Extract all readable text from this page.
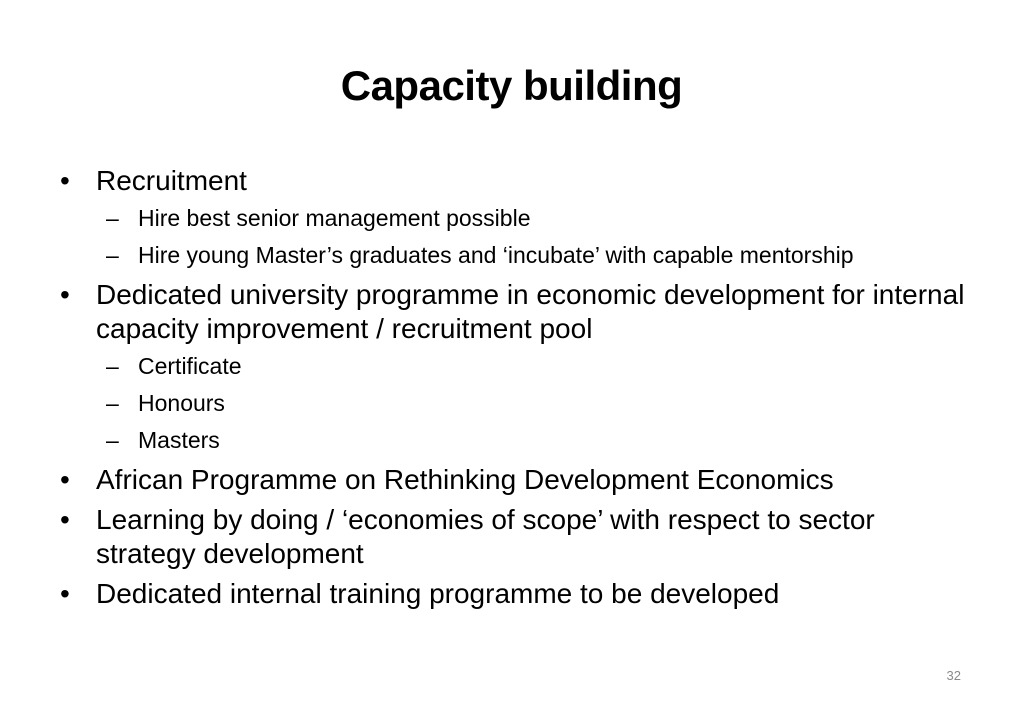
Capacity building
• Recruitment
– Hire best senior management possible
– Hire young Master’s graduates and ‘incubate’ with capable mentorship
• Dedicated university programme in economic development for internal capacity improvement / recruitment pool
– Certificate
– Honours
– Masters
• African Programme on Rethinking Development Economics
• Learning by doing / ‘economies of scope’ with respect to sector strategy development
• Dedicated internal training programme to be developed
32
